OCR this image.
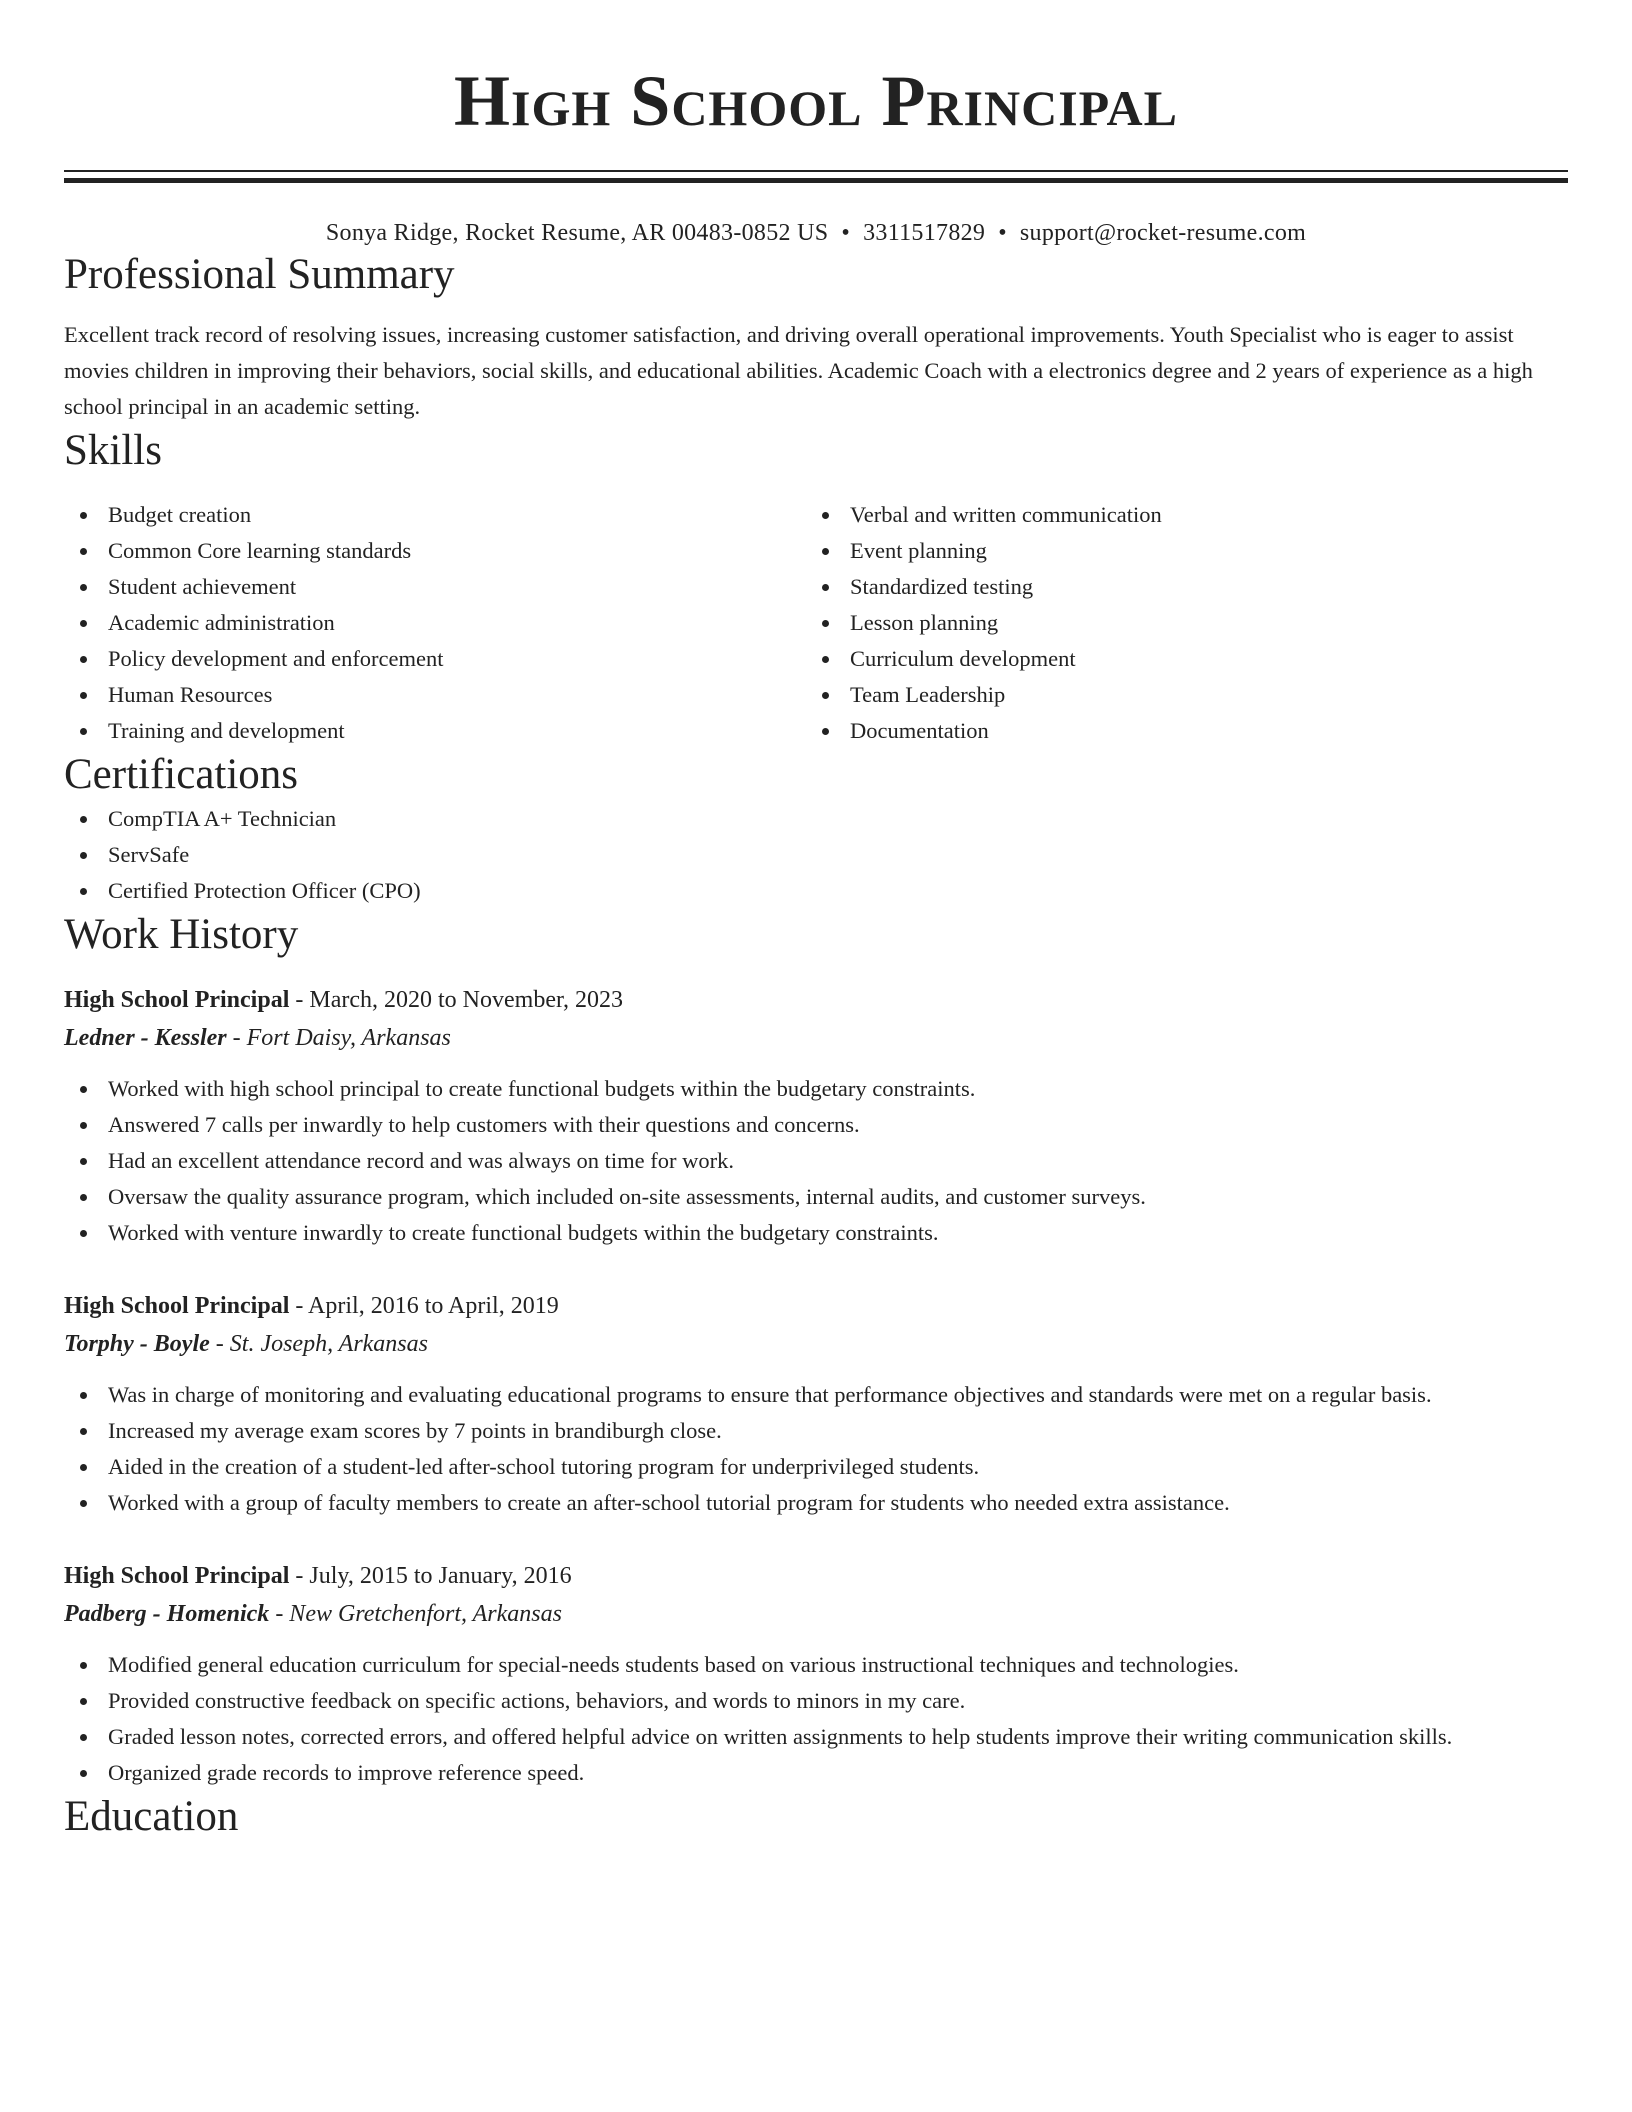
High School Principal
Sonya Ridge, Rocket Resume, AR 00483-0852 US • 3311517829 • support@rocket-resume.com
Professional Summary
Excellent track record of resolving issues, increasing customer satisfaction, and driving overall operational improvements. Youth Specialist who is eager to assist movies children in improving their behaviors, social skills, and educational abilities. Academic Coach with a electronics degree and 2 years of experience as a high school principal in an academic setting.
Skills
Budget creation
Common Core learning standards
Student achievement
Academic administration
Policy development and enforcement
Human Resources
Training and development
Verbal and written communication
Event planning
Standardized testing
Lesson planning
Curriculum development
Team Leadership
Documentation
Certifications
CompTIA A+ Technician
ServSafe
Certified Protection Officer (CPO)
Work History
High School Principal - March, 2020 to November, 2023
Ledner - Kessler - Fort Daisy, Arkansas
Worked with high school principal to create functional budgets within the budgetary constraints.
Answered 7 calls per inwardly to help customers with their questions and concerns.
Had an excellent attendance record and was always on time for work.
Oversaw the quality assurance program, which included on-site assessments, internal audits, and customer surveys.
Worked with venture inwardly to create functional budgets within the budgetary constraints.
High School Principal - April, 2016 to April, 2019
Torphy - Boyle - St. Joseph, Arkansas
Was in charge of monitoring and evaluating educational programs to ensure that performance objectives and standards were met on a regular basis.
Increased my average exam scores by 7 points in brandiburgh close.
Aided in the creation of a student-led after-school tutoring program for underprivileged students.
Worked with a group of faculty members to create an after-school tutorial program for students who needed extra assistance.
High School Principal - July, 2015 to January, 2016
Padberg - Homenick - New Gretchenfort, Arkansas
Modified general education curriculum for special-needs students based on various instructional techniques and technologies.
Provided constructive feedback on specific actions, behaviors, and words to minors in my care.
Graded lesson notes, corrected errors, and offered helpful advice on written assignments to help students improve their writing communication skills.
Organized grade records to improve reference speed.
Education
